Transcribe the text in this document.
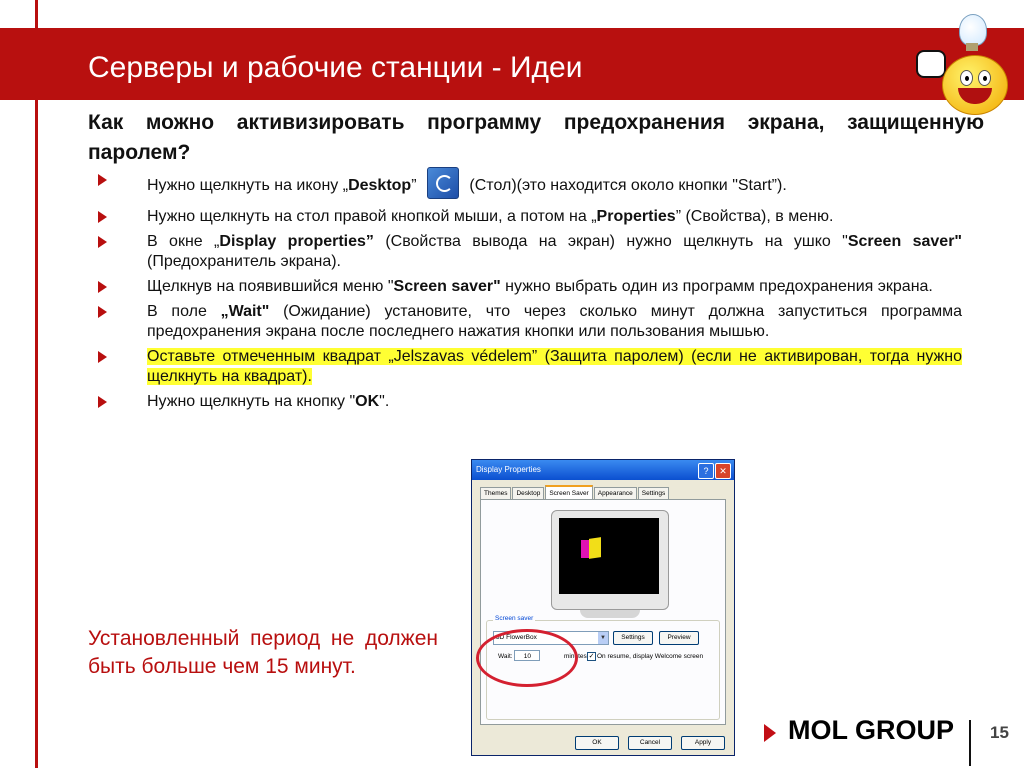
Серверы и рабочие станции - Идеи
Как можно активизировать программу предохранения экрана, защищенную паролем?
Нужно щелкнуть на икону „Desktop”	(Стол)(это находится около кнопки "Start”).
Нужно щелкнуть на стол правой кнопкой мыши, а потом на „Properties” (Свойства), в меню.
В окне „Display properties” (Свойства вывода на экран) нужно щелкнуть на ушко "Screen saver" (Предохранитель экрана).
Щелкнув на появившийся меню "Screen saver" нужно выбрать один из программ предохранения экрана.
В поле „Wait" (Ожидание) установите, что через сколько минут должна запуститься программа предохранения экрана после последнего нажатия кнопки или пользования мышью.
Оставьте отмеченным квадрат „Jelszavas védelem” (Защита паролем) (если не активирован, тогда нужно щелкнуть на квадрат).
Нужно щелкнуть на кнопку "OK".
Установленный период не должен быть больше чем 15 минут.
Display Properties	?	✕
Themes	Desktop	Screen Saver	Appearance	Settings
Screen saver
3D FlowerBox	▼	Settings	Preview
Wait:	10	minutes ✓ On resume, display Welcome screen
OK	Cancel	Apply	MOL GROUP 15
